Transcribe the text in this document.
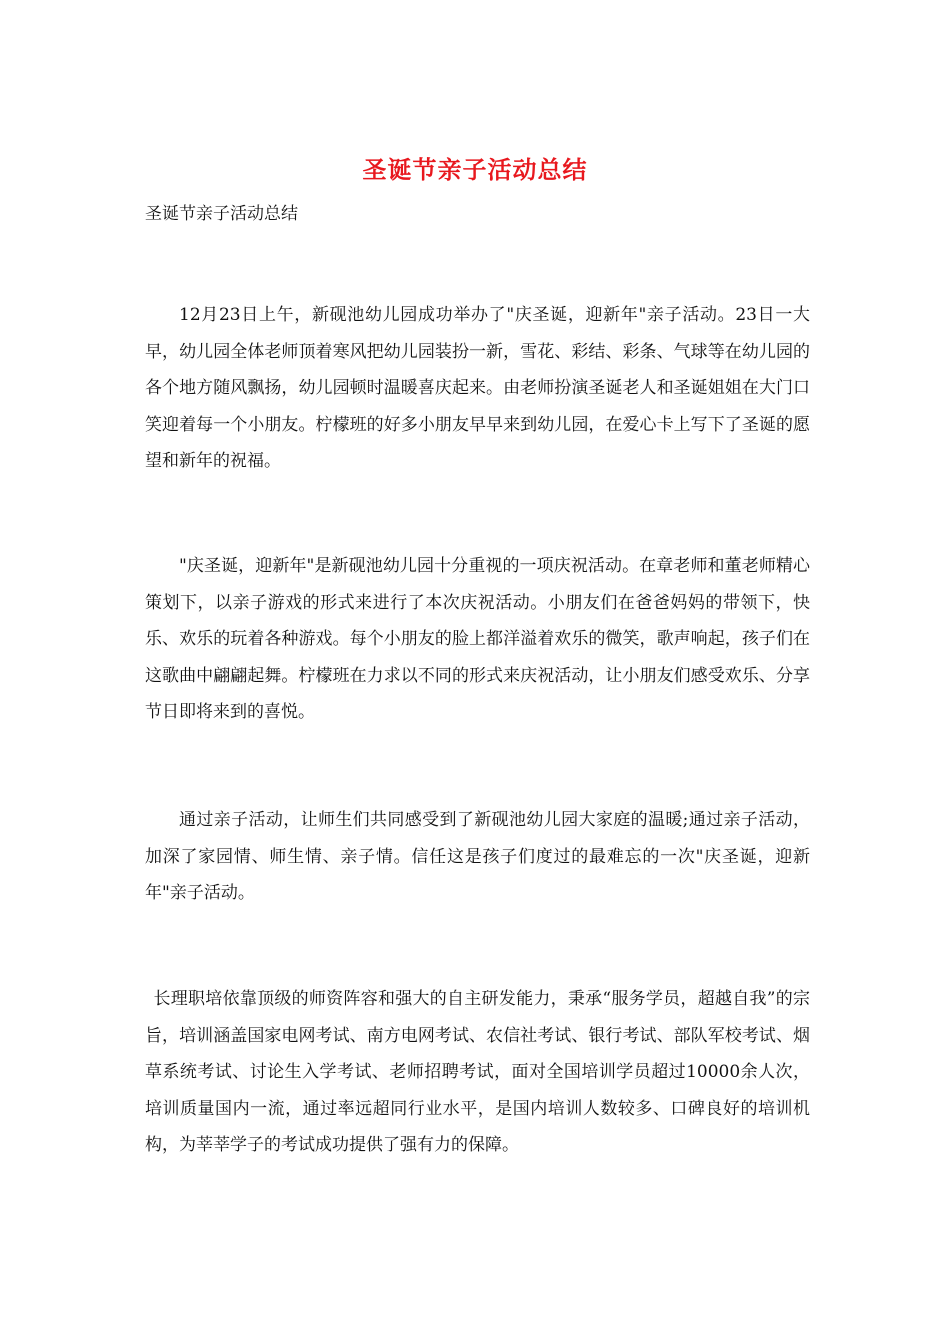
圣诞节亲子活动总结

圣诞节亲子活动总结

12月23日上午，新砚池幼儿园成功举办了"庆圣诞，迎新年"亲子活动。23日一大早，幼儿园全体老师顶着寒风把幼儿园装扮一新，雪花、彩结、彩条、气球等在幼儿园的各个地方随风飘扬，幼儿园顿时温暖喜庆起来。由老师扮演圣诞老人和圣诞姐姐在大门口笑迎着每一个小朋友。柠檬班的好多小朋友早早来到幼儿园，在爱心卡上写下了圣诞的愿望和新年的祝福。

"庆圣诞，迎新年"是新砚池幼儿园十分重视的一项庆祝活动。在章老师和董老师精心策划下，以亲子游戏的形式来进行了本次庆祝活动。小朋友们在爸爸妈妈的带领下，快乐、欢乐的玩着各种游戏。每个小朋友的脸上都洋溢着欢乐的微笑，歌声响起，孩子们在这歌曲中翩翩起舞。柠檬班在力求以不同的形式来庆祝活动，让小朋友们感受欢乐、分享节日即将来到的喜悦。

通过亲子活动，让师生们共同感受到了新砚池幼儿园大家庭的温暖;通过亲子活动，加深了家园情、师生情、亲子情。信任这是孩子们度过的最难忘的一次"庆圣诞，迎新年"亲子活动。

长理职培依靠顶级的师资阵容和强大的自主研发能力，秉承“服务学员，超越自我”的宗旨，培训涵盖国家电网考试、南方电网考试、农信社考试、银行考试、部队军校考试、烟草系统考试、讨论生入学考试、老师招聘考试，面对全国培训学员超过10000余人次，培训质量国内一流，通过率远超同行业水平，是国内培训人数较多、口碑良好的培训机构，为莘莘学子的考试成功提供了强有力的保障。
